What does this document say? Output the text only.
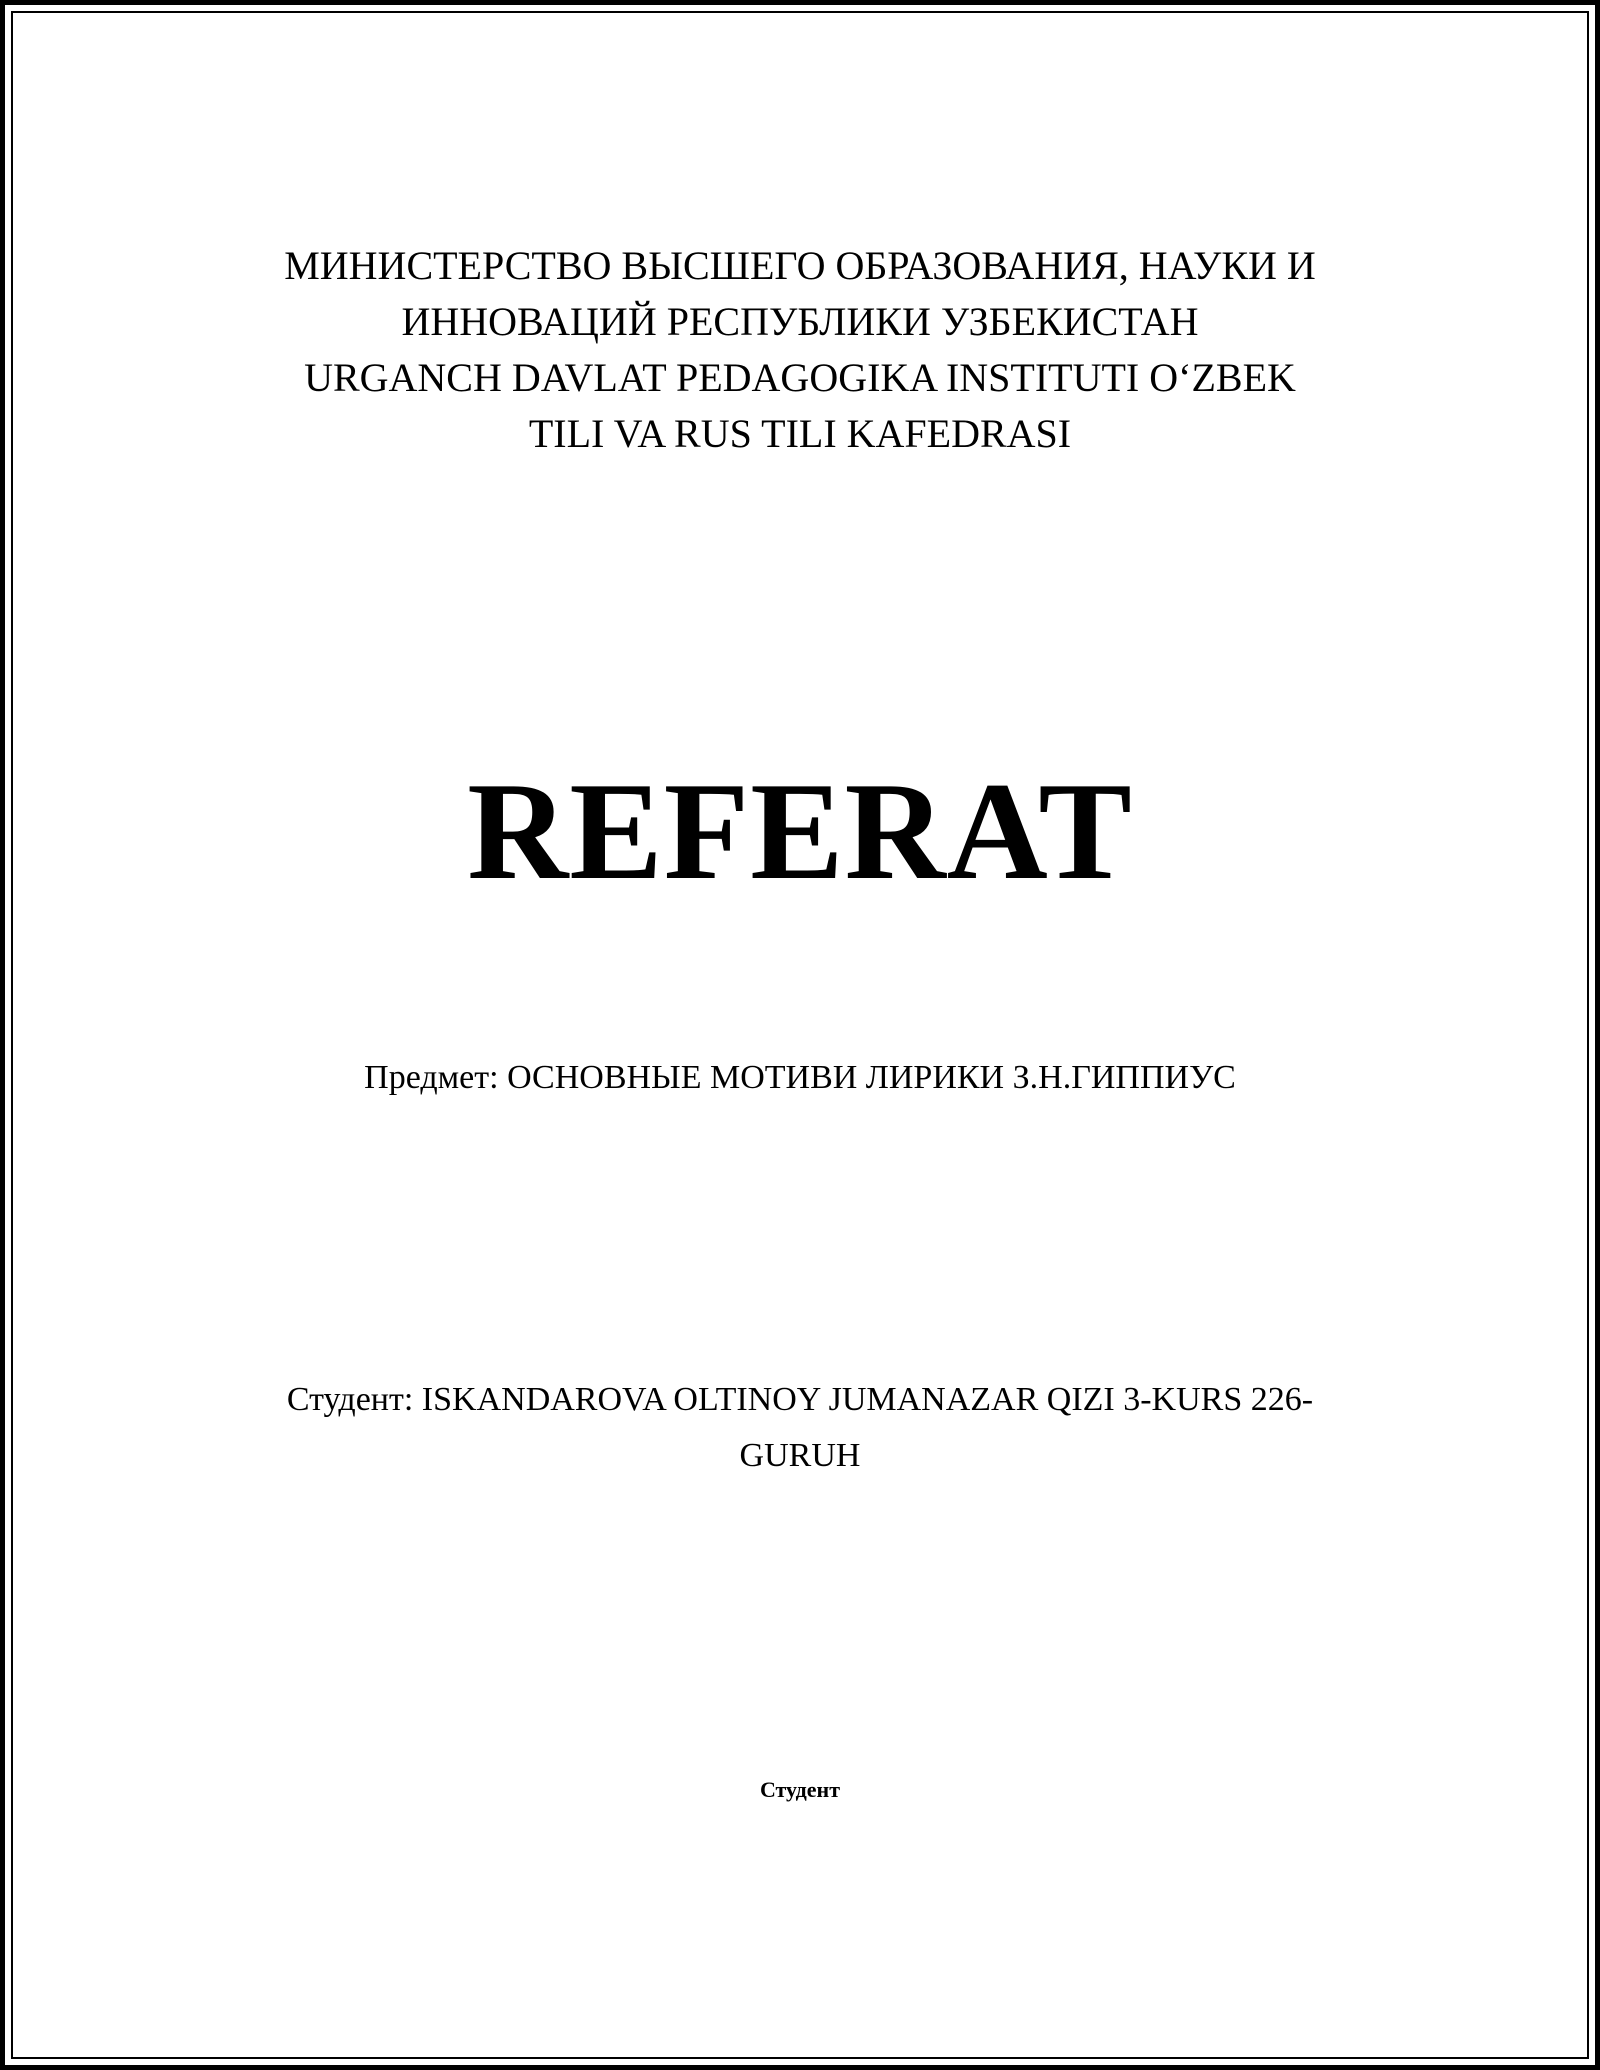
МИНИСТЕРСТВО ВЫСШЕГО ОБРАЗОВАНИЯ, НАУКИ И
ИННОВАЦИЙ РЕСПУБЛИКИ УЗБЕКИСТАН
URGANCH DAVLAT PEDAGOGIKA INSTITUTI O‘ZBEK
TILI VA RUS TILI KAFEDRASI
REFERAT
Предмет: ОСНОВНЫЕ МОТИВИ ЛИРИКИ З.Н.ГИППИУС
Студент: ISKANDAROVA OLTINOY JUMANAZAR QIZI 3-KURS 226-
GURUH
Студент
